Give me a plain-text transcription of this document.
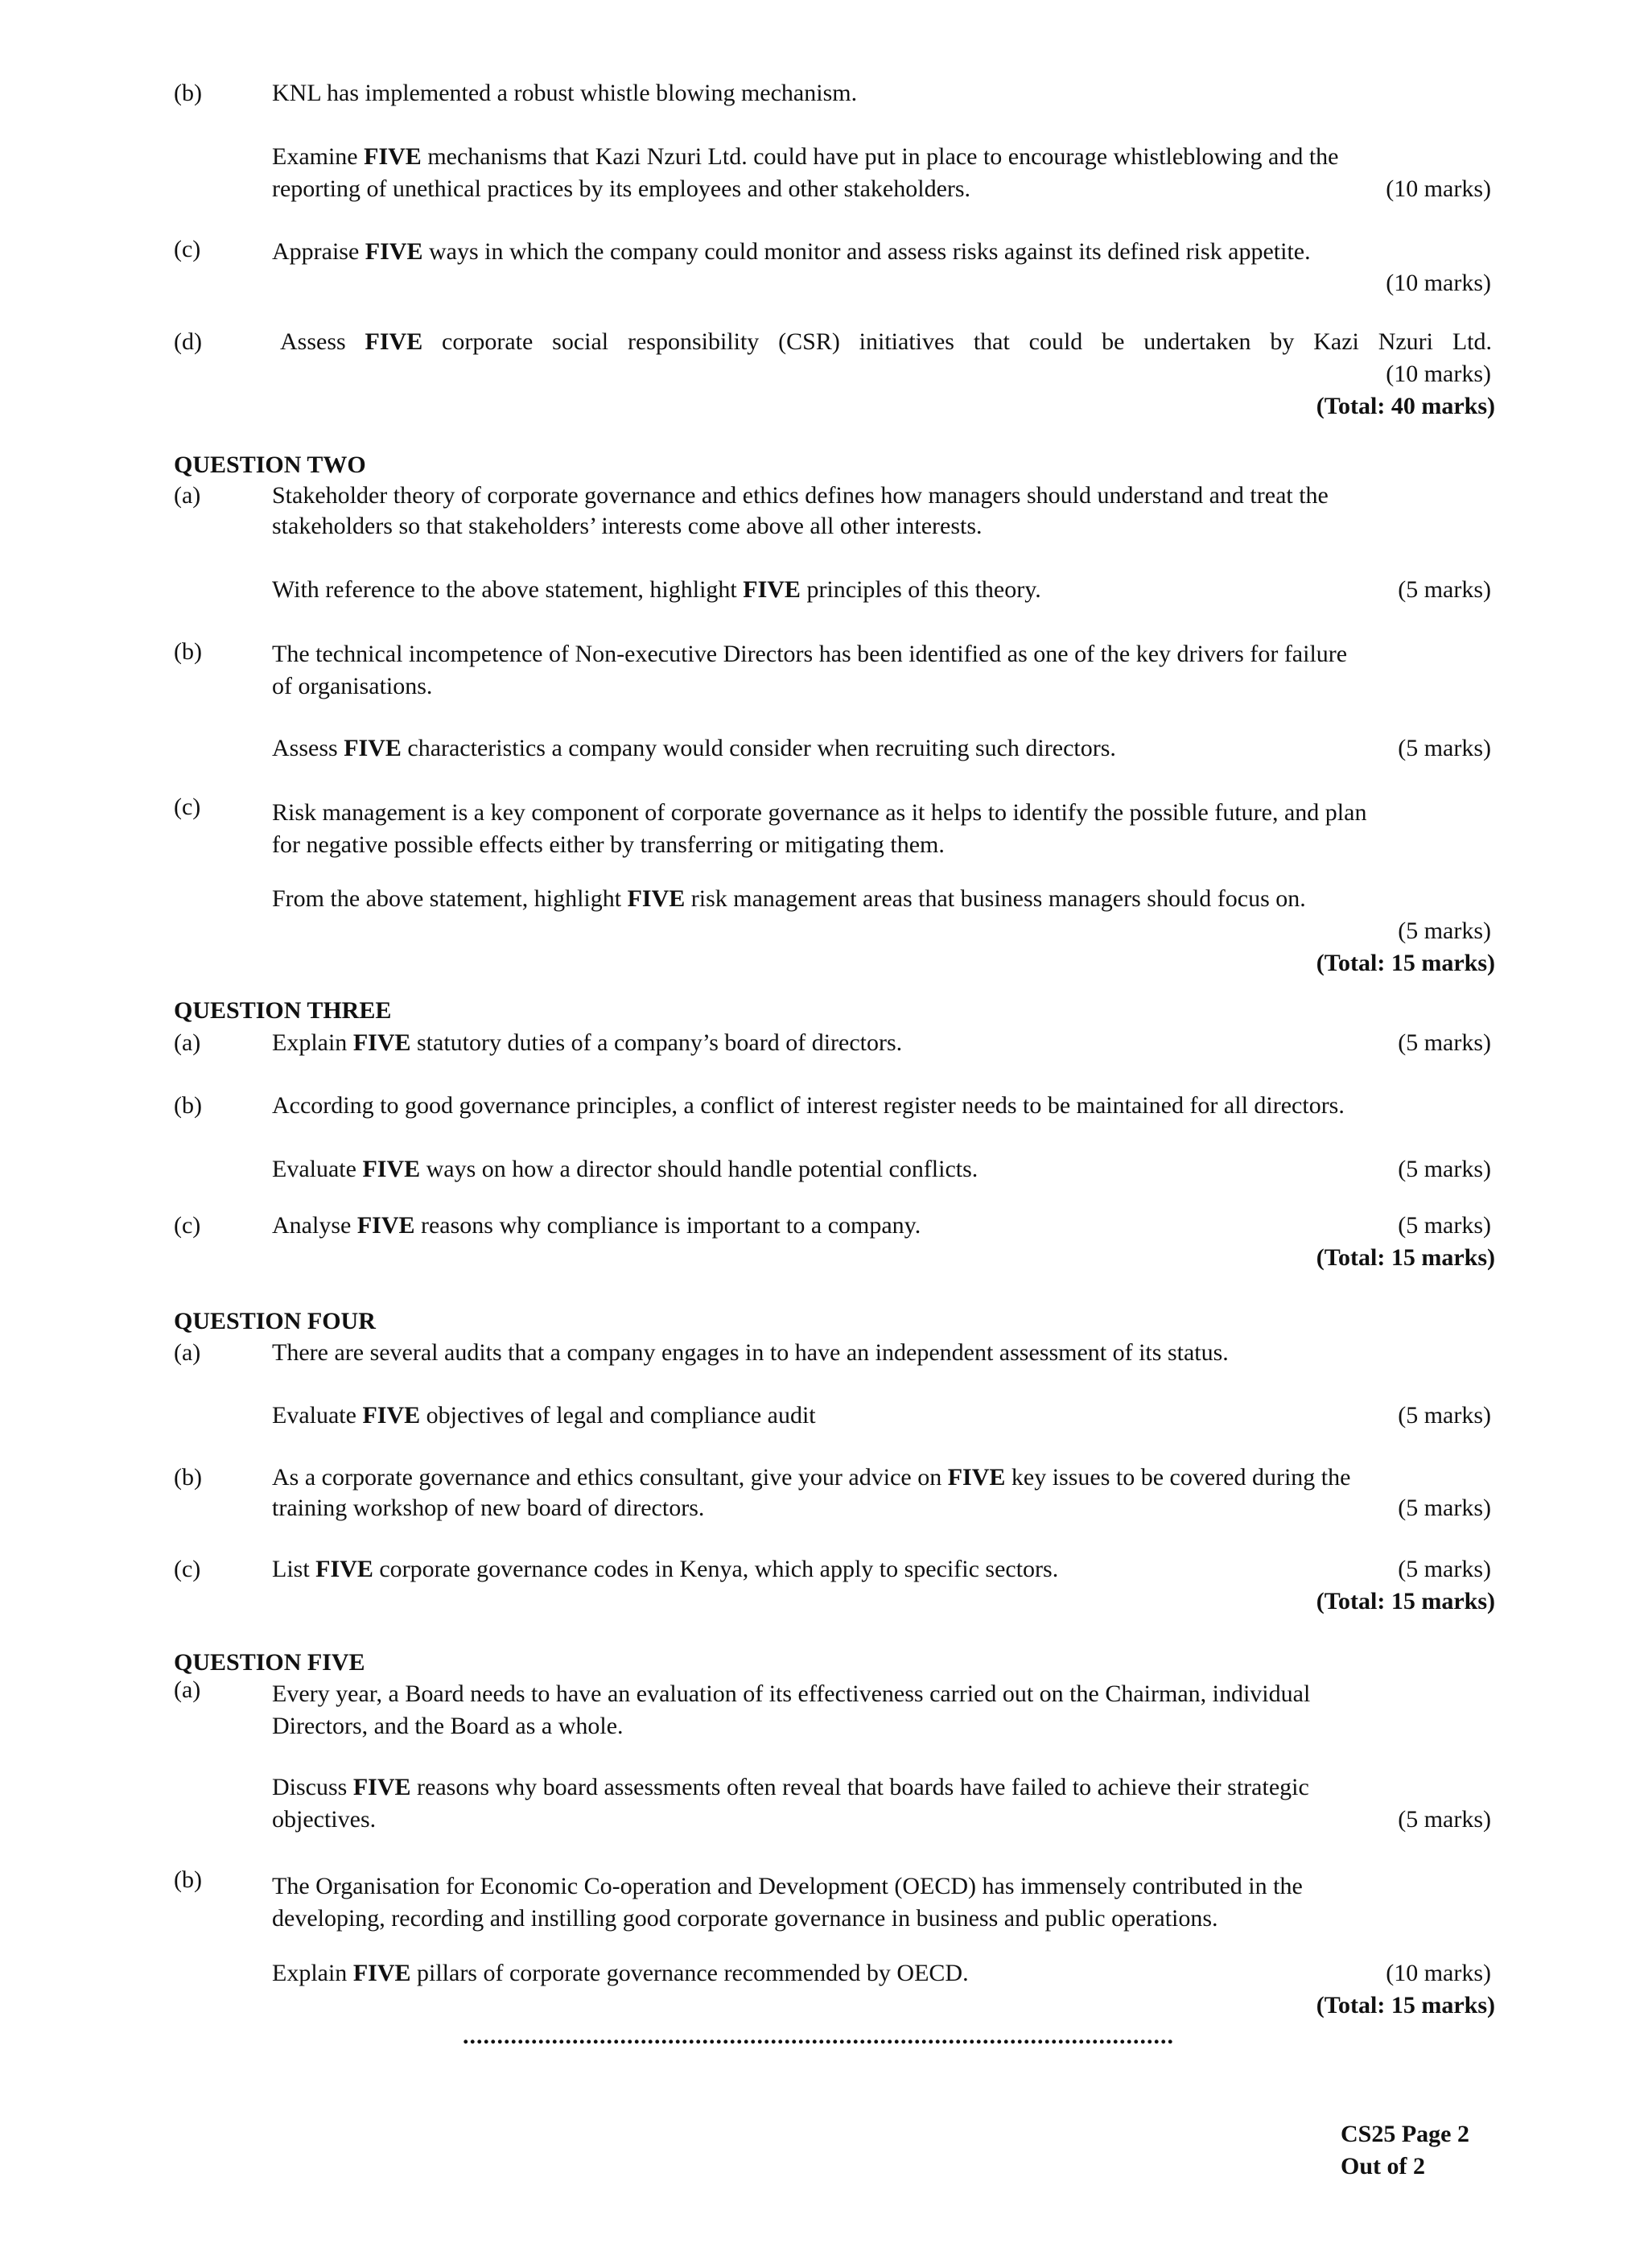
(b)	KNL has implemented a robust whistle blowing mechanism.
Examine FIVE mechanisms that Kazi Nzuri Ltd. could have put in place to encourage whistleblowing and the
reporting of unethical practices by its employees and other stakeholders.	(10 marks)
(c)	Appraise FIVE ways in which the company could monitor and assess risks against its defined risk appetite.
(10 marks)
(d)	Assess FIVE corporate social responsibility (CSR) initiatives that could be undertaken by Kazi Nzuri Ltd.
(10 marks)
(Total: 40 marks)
QUESTION TWO
(a)	Stakeholder theory of corporate governance and ethics defines how managers should understand and treat the
stakeholders so that stakeholders’ interests come above all other interests.
With reference to the above statement, highlight FIVE principles of this theory.	(5 marks)
(b)	The technical incompetence of Non-executive Directors has been identified as one of the key drivers for failure
of organisations.
Assess FIVE characteristics a company would consider when recruiting such directors.	(5 marks)
(c)	Risk management is a key component of corporate governance as it helps to identify the possible future, and plan
for negative possible effects either by transferring or mitigating them.
From the above statement, highlight FIVE risk management areas that business managers should focus on.
(5 marks)
(Total: 15 marks)
QUESTION THREE
(a)	Explain FIVE statutory duties of a company’s board of directors.	(5 marks)
(b)	According to good governance principles, a conflict of interest register needs to be maintained for all directors.
Evaluate FIVE ways on how a director should handle potential conflicts.	(5 marks)
(c)	Analyse FIVE reasons why compliance is important to a company.	(5 marks)
(Total: 15 marks)
QUESTION FOUR
(a)	There are several audits that a company engages in to have an independent assessment of its status.
Evaluate FIVE objectives of legal and compliance audit	(5 marks)
(b)	As a corporate governance and ethics consultant, give your advice on FIVE key issues to be covered during the
training workshop of new board of directors.	(5 marks)
(c)	List FIVE corporate governance codes in Kenya, which apply to specific sectors.	(5 marks)
(Total: 15 marks)
QUESTION FIVE
(a)	Every year, a Board needs to have an evaluation of its effectiveness carried out on the Chairman, individual
Directors, and the Board as a whole.
Discuss FIVE reasons why board assessments often reveal that boards have failed to achieve their strategic
objectives.	(5 marks)
(b)	The Organisation for Economic Co-operation and Development (OECD) has immensely contributed in the
developing, recording and instilling good corporate governance in business and public operations.
Explain FIVE pillars of corporate governance recommended by OECD.	(10 marks)
(Total: 15 marks)
........................................................................................................
CS25 Page 2
Out of 2
